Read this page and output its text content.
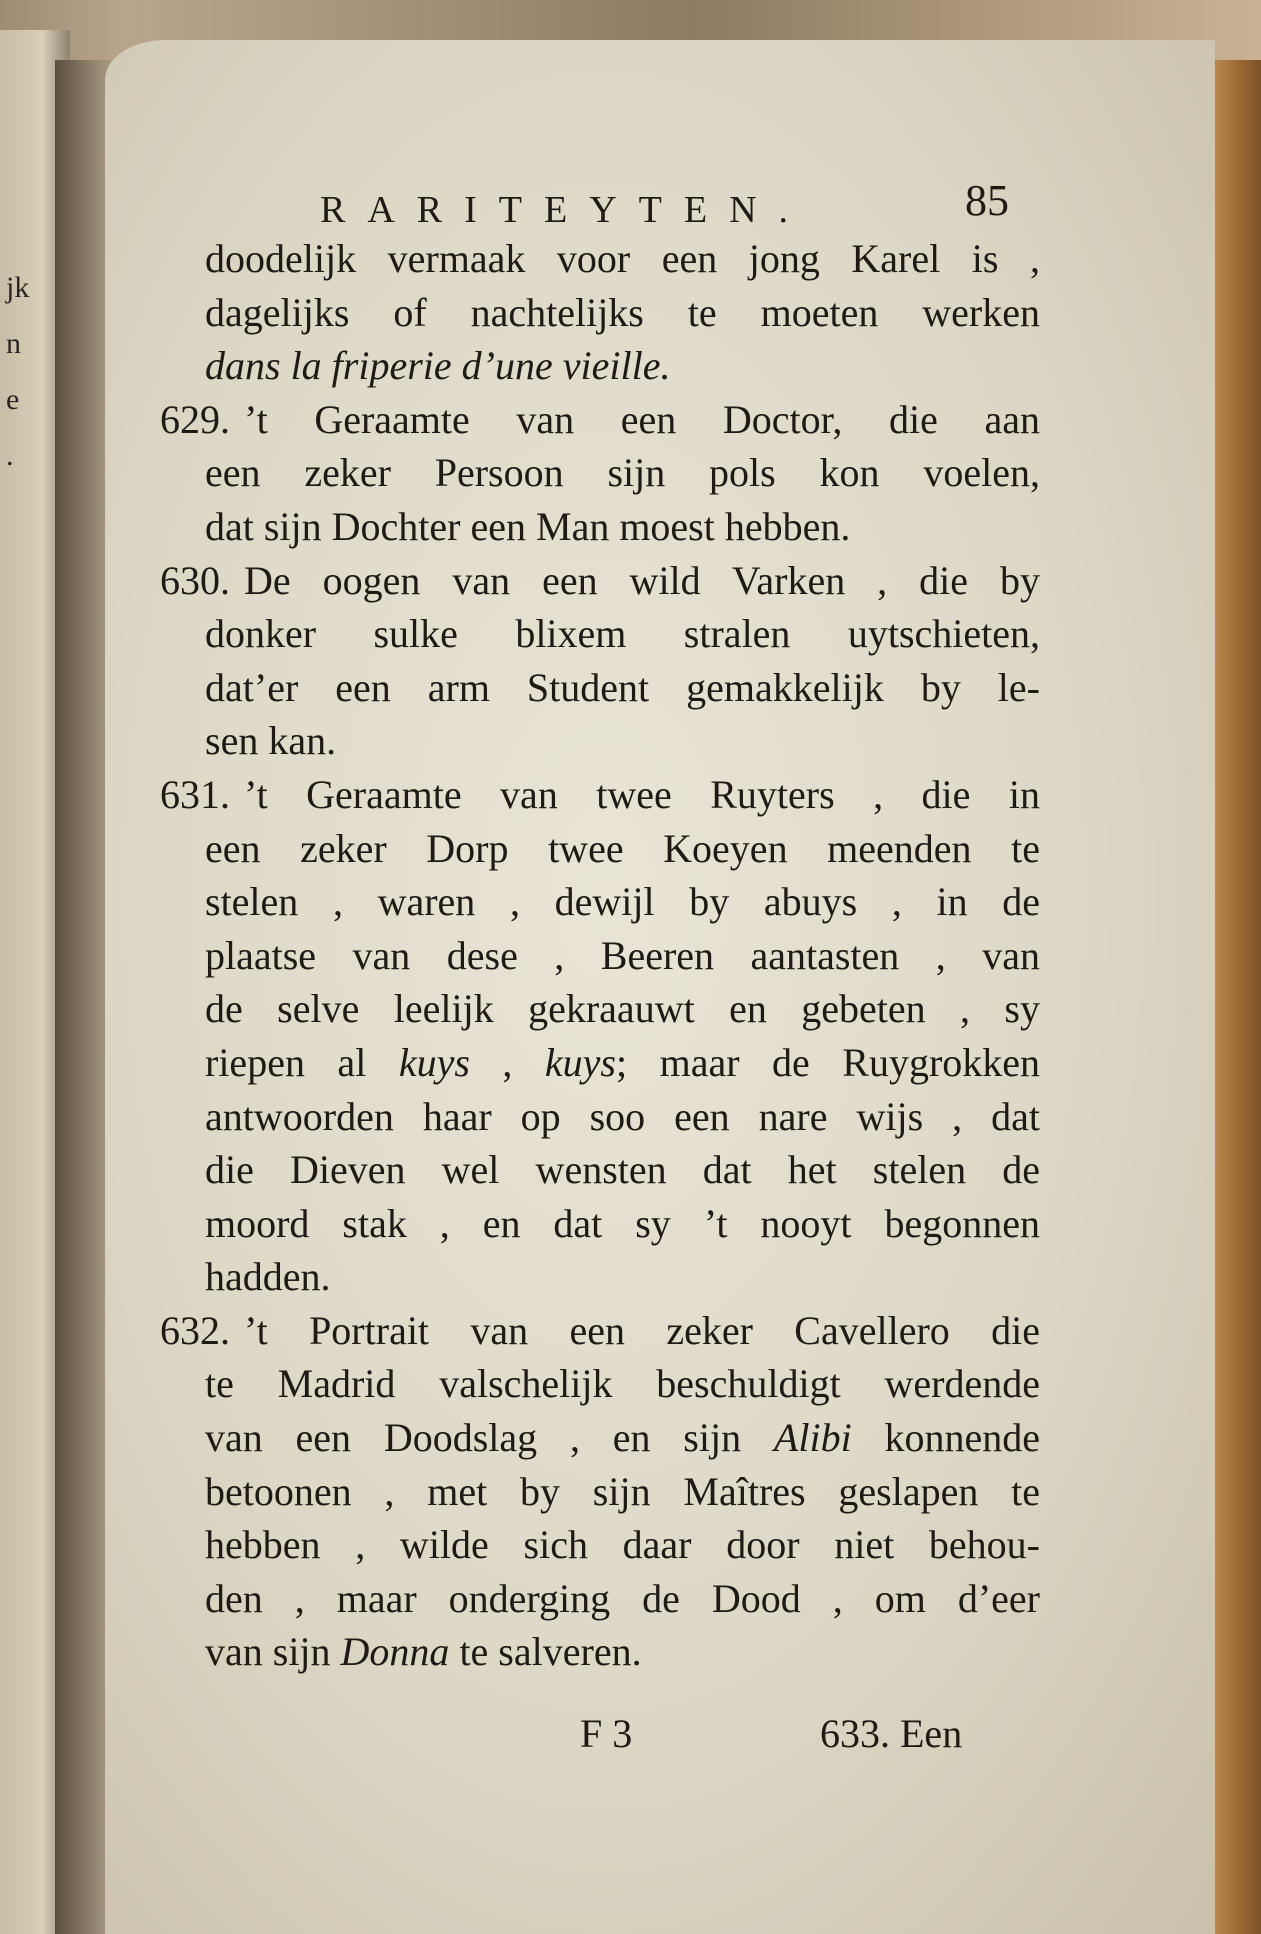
jk
n
e
.
RARITEYTEN.	85
doodelijk vermaak voor een jong Karel is ,
dagelijks of nachtelijks te moeten werken
dans la friperie d’une vieille.
629. ’t Geraamte van een Doctor, die aan
een zeker Persoon sijn pols kon voelen,
dat sijn Dochter een Man moest hebben.
630. De oogen van een wild Varken , die by
donker sulke blixem stralen uytschieten,
dat’er een arm Student gemakkelijk by le-
sen kan.
631. ’t Geraamte van twee Ruyters , die in
een zeker Dorp twee Koeyen meenden te
stelen , waren , dewijl by abuys , in de
plaatse van dese , Beeren aantasten , van
de selve leelijk gekraauwt en gebeten , sy
riepen al kuys , kuys; maar de Ruygrokken
antwoorden haar op soo een nare wijs , dat
die Dieven wel wensten dat het stelen de
moord stak , en dat sy ’t nooyt begonnen
hadden.
632. ’t Portrait van een zeker Cavellero die
te Madrid valschelijk beschuldigt werdende
van een Doodslag , en sijn Alibi konnende
betoonen , met by sijn Maîtres geslapen te
hebben , wilde sich daar door niet behou-
den , maar onderging de Dood , om d’eer
van sijn Donna te salveren.
F 3	633. Een
